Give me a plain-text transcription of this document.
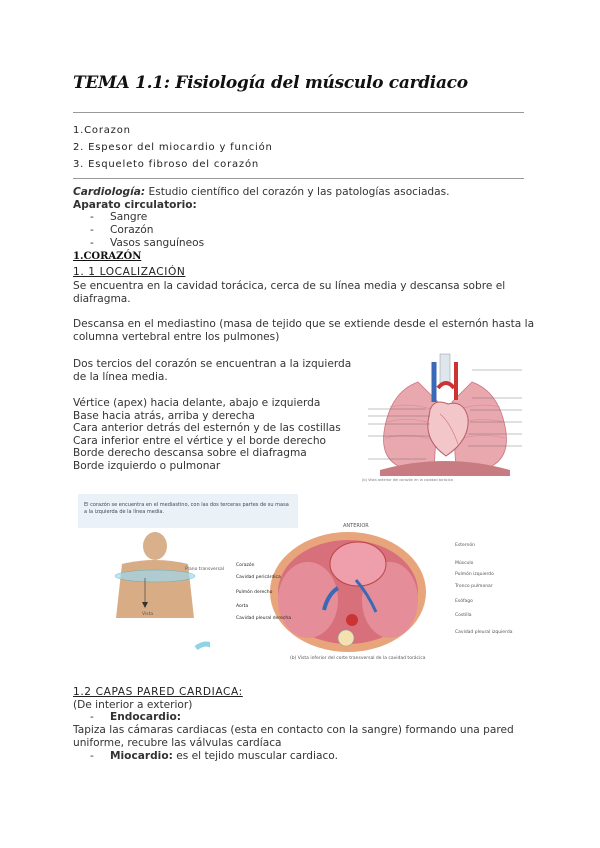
TEMA 1.1: Fisiología del músculo cardiaco
1.Corazon
2. Espesor del miocardio y función
3. Esqueleto fibroso del corazón
Cardiología: Estudio científico del corazón y las patologías asociadas.
Aparato circulatorio:
- Sangre
- Corazón
- Vasos sanguíneos
1.CORAZÓN
1. 1 LOCALIZACIÓN
Se encuentra en la cavidad torácica, cerca de su línea media y descansa sobre el
diafragma.
Descansa en el mediastino (masa de tejido que se extiende desde el esternón hasta la
columna vertebral entre los pulmones)
Dos tercios del corazón se encuentran a la izquierda
de la línea media.
Vértice (apex) hacia delante, abajo e izquierda
Base hacia atrás, arriba y derecha
Cara anterior detrás del esternón y de las costillas
Cara inferior entre el vértice y el borde derecho
Borde derecho descansa sobre el diafragma
Borde izquierdo o pulmonar
(b) Vista anterior del corazón en la cavidad torácica
El corazón se encuentra en el mediastino, con las dos terceras partes de su masa a la izquierda de la línea media.
Plano transversal
Vista
ANTERIOR
Corazón
Cavidad pericárdica
Pulmón derecho
Aorta
Cavidad pleural derecha
Esternón
Músculo
Pulmón izquierdo
Tronco pulmonar
Esófago
Costilla
Cavidad pleural izquierda
(b) Vista inferior del corte transversal de la cavidad torácica
1.2 CAPAS PARED CARDIACA:
(De interior a exterior)
- Endocardio:
Tapiza las cámaras cardiacas (esta en contacto con la sangre) formando una pared
uniforme, recubre las válvulas cardíaca
- Miocardio: es el tejido muscular cardiaco.
